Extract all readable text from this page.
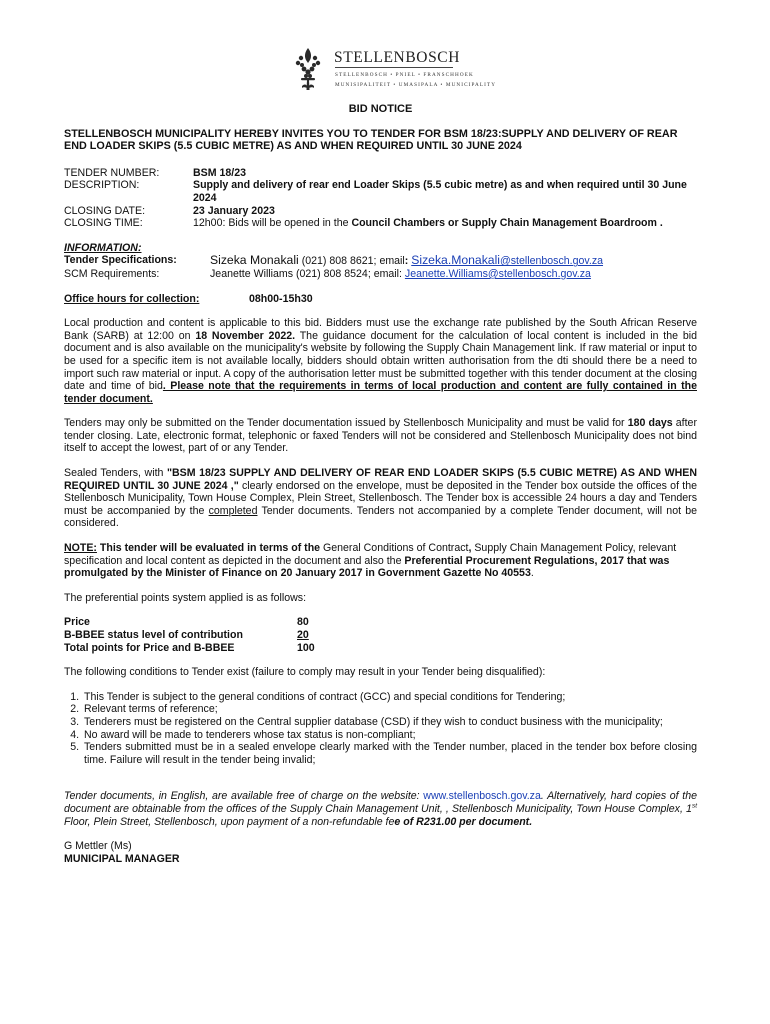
STELLENBOSCH
STELLENBOSCH • PNIEL • FRANSCHHOEK
MUNISIPALITEIT • UMASIPALA • MUNICIPALITY
BID NOTICE
STELLENBOSCH MUNICIPALITY HEREBY INVITES YOU TO TENDER FOR BSM 18/23:SUPPLY AND DELIVERY OF REAR END LOADER SKIPS (5.5 CUBIC METRE) AS AND WHEN REQUIRED UNTIL 30 JUNE 2024
TENDER NUMBER:	BSM 18/23
DESCRIPTION:	Supply and delivery of rear end Loader Skips (5.5 cubic metre) as and when required until 30 June 2024
CLOSING DATE:	23 January 2023
CLOSING TIME:	12h00: Bids will be opened in the Council Chambers or Supply Chain Management Boardroom .
INFORMATION:
Tender Specifications:	Sizeka Monakali (021) 808 8621; email: Sizeka.Monakali@stellenbosch.gov.za
SCM Requirements:	Jeanette Williams (021) 808 8524; email: Jeanette.Williams@stellenbosch.gov.za
Office hours for collection:	08h00-15h30

Local production and content is applicable to this bid. Bidders must use the exchange rate published by the South African Reserve Bank (SARB) at 12:00 on 18 November 2022. The guidance document for the calculation of local content is included in the bid document and is also available on the municipality's website by following the Supply Chain Management link. If raw material or input to be used for a specific item is not available locally, bidders should obtain written authorisation from the dti should there be a need to import such raw material or input. A copy of the authorisation letter must be submitted together with this tender document at the closing date and time of bid. Please note that the requirements in terms of local production and content are fully contained in the tender document.

Tenders may only be submitted on the Tender documentation issued by Stellenbosch Municipality and must be valid for 180 days after tender closing. Late, electronic format, telephonic or faxed Tenders will not be considered and Stellenbosch Municipality does not bind itself to accept the lowest, part of or any Tender.

Sealed Tenders, with "BSM 18/23 SUPPLY AND DELIVERY OF REAR END LOADER SKIPS (5.5 CUBIC METRE) AS AND WHEN REQUIRED UNTIL 30 JUNE 2024 ," clearly endorsed on the envelope, must be deposited in the Tender box outside the offices of the Stellenbosch Municipality, Town House Complex, Plein Street, Stellenbosch. The Tender box is accessible 24 hours a day and Tenders must be accompanied by the completed Tender documents. Tenders not accompanied by a complete Tender document, will not be considered.

NOTE: This tender will be evaluated in terms of the General Conditions of Contract, Supply Chain Management Policy, relevant specification and local content as depicted in the document and also the Preferential Procurement Regulations, 2017 that was promulgated by the Minister of Finance on 20 January 2017 in Government Gazette No 40553.

The preferential points system applied is as follows:

Price	80
B-BBEE status level of contribution	20
Total points for Price and B-BBEE	100

The following conditions to Tender exist (failure to comply may result in your Tender being disqualified):

1. This Tender is subject to the general conditions of contract (GCC) and special conditions for Tendering;
2. Relevant terms of reference;
3. Tenderers must be registered on the Central supplier database (CSD) if they wish to conduct business with the municipality;
4. No award will be made to tenderers whose tax status is non-compliant;
5. Tenders submitted must be in a sealed envelope clearly marked with the Tender number, placed in the tender box before closing time. Failure will result in the tender being invalid;

Tender documents, in English, are available free of charge on the website: www.stellenbosch.gov.za. Alternatively, hard copies of the document are obtainable from the offices of the Supply Chain Management Unit, , Stellenbosch Municipality, Town House Complex, 1st Floor, Plein Street, Stellenbosch, upon payment of a non-refundable fee of R231.00 per document.

G Mettler (Ms)
MUNICIPAL MANAGER
